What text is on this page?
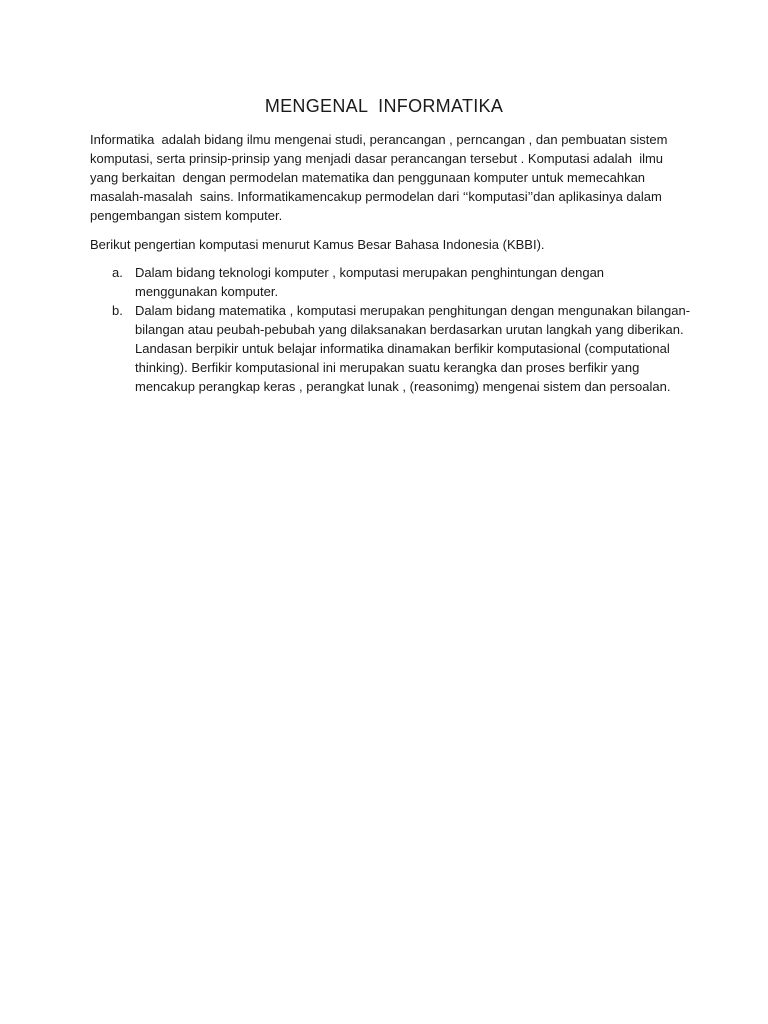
MENGENAL  INFORMATIKA
Informatika  adalah bidang ilmu mengenai studi, perancangan , perncangan , dan pembuatan sistem
komputasi, serta prinsip-prinsip yang menjadi dasar perancangan tersebut . Komputasi adalah  ilmu
yang berkaitan  dengan permodelan matematika dan penggunaan komputer untuk memecahkan
masalah-masalah  sains. Informatikamencakup permodelan dari ‘‘komputasi’’dan aplikasinya dalam
pengembangan sistem komputer.
Berikut pengertian komputasi menurut Kamus Besar Bahasa Indonesia (KBBI).
a. Dalam bidang teknologi komputer , komputasi merupakan penghintungan dengan
menggunakan komputer.
b. Dalam bidang matematika , komputasi merupakan penghitungan dengan mengunakan bilangan-
bilangan atau peubah-pebubah yang dilaksanakan berdasarkan urutan langkah yang diberikan.
Landasan berpikir untuk belajar informatika dinamakan berfikir komputasional (computational
thinking). Berfikir komputasional ini merupakan suatu kerangka dan proses berfikir yang
mencakup perangkap keras , perangkat lunak , (reasonimg) mengenai sistem dan persoalan.
